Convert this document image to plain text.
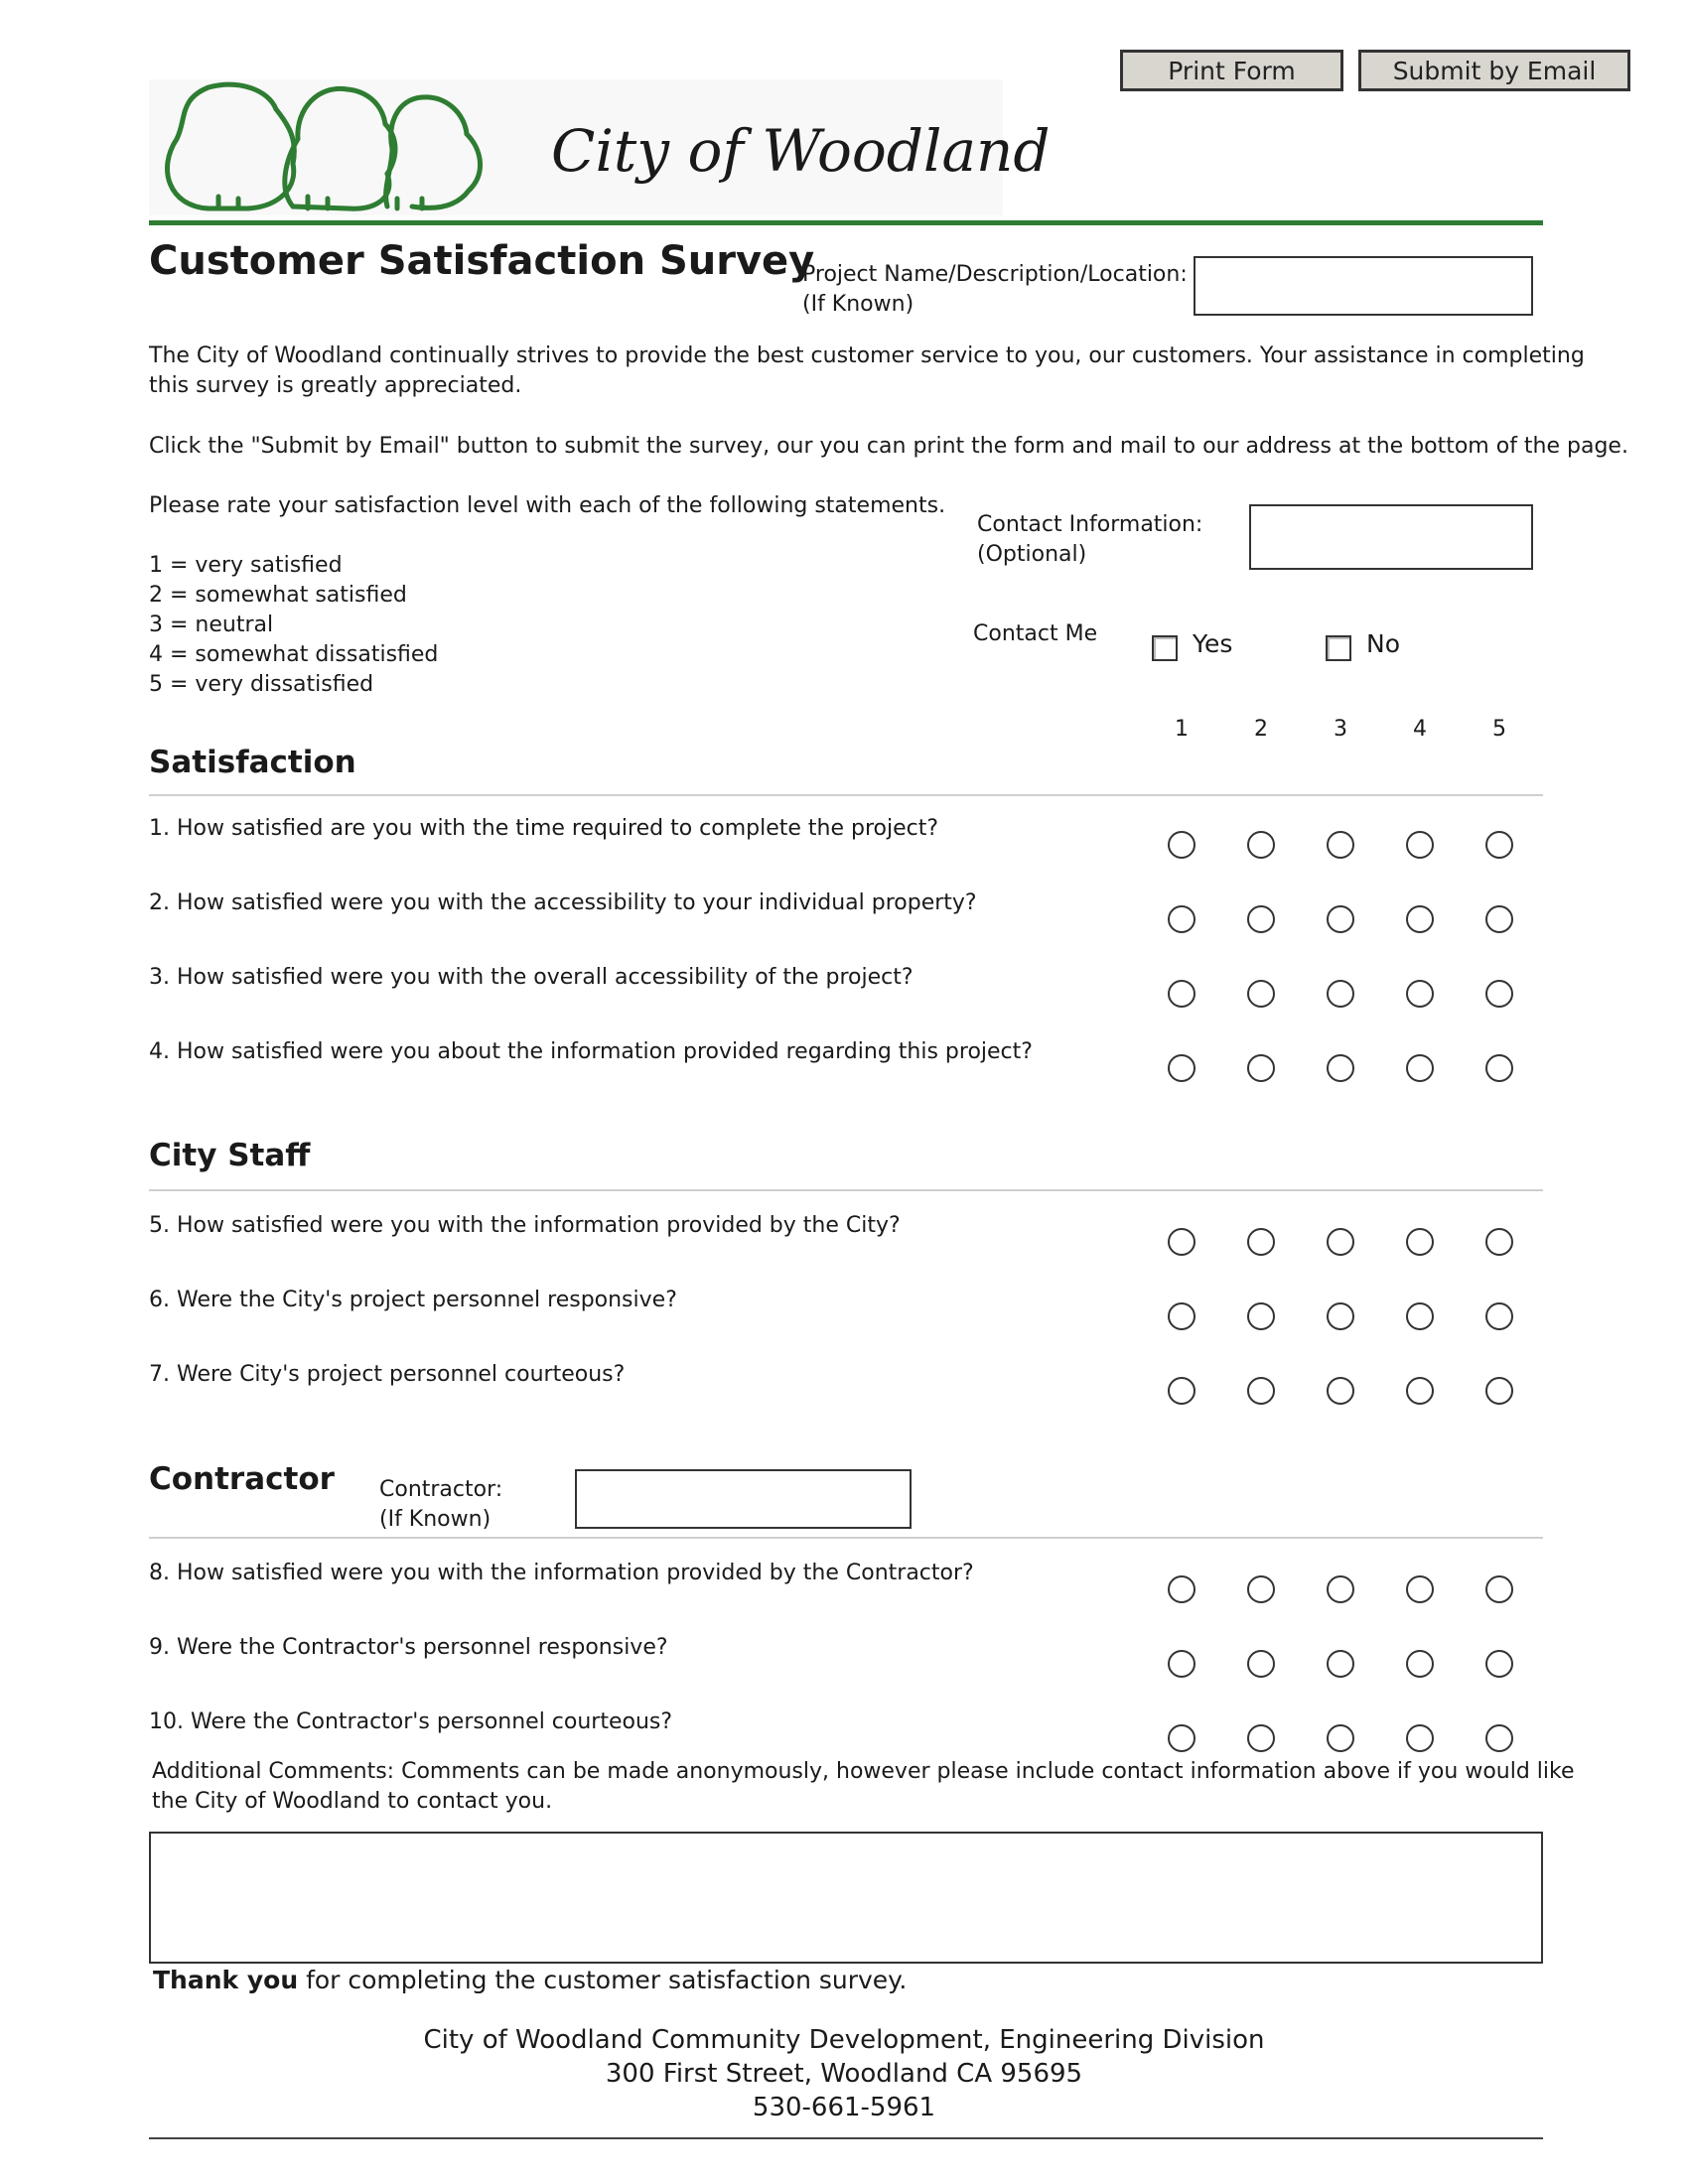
Print Form	Submit by Email
City of Woodland
Customer Satisfaction Survey
Project Name/Description/Location:
(If Known)
The City of Woodland continually strives to provide the best customer service to you, our customers. Your assistance in completing
this survey is greatly appreciated.
Click the "Submit by Email" button to submit the survey, our you can print the form and mail to our address at the bottom of the page.
Please rate your satisfaction level with each of the following statements.
1 = very satisfied
2 = somewhat satisfied
3 = neutral
4 = somewhat dissatisfied
5 = very dissatisfied
Contact Information:
(Optional)
Contact Me	Yes	No
1	2	3	4	5
Satisfaction
1. How satisfied are you with the time required to complete the project?
2. How satisfied were you with the accessibility to your individual property?
3. How satisfied were you with the overall accessibility of the project?
4. How satisfied were you about the information provided regarding this project?
City Staff
5. How satisfied were you with the information provided by the City?
6. Were the City's project personnel responsive?
7. Were City's project personnel courteous?
Contractor Contractor:
(If Known)
8. How satisfied were you with the information provided by the Contractor?
9. Were the Contractor's personnel responsive?
10. Were the Contractor's personnel courteous?
Additional Comments: Comments can be made anonymously, however please include contact information above if you would like
the City of Woodland to contact you.
Thank you for completing the customer satisfaction survey.
City of Woodland Community Development, Engineering Division
300 First Street, Woodland CA 95695
530-661-5961
